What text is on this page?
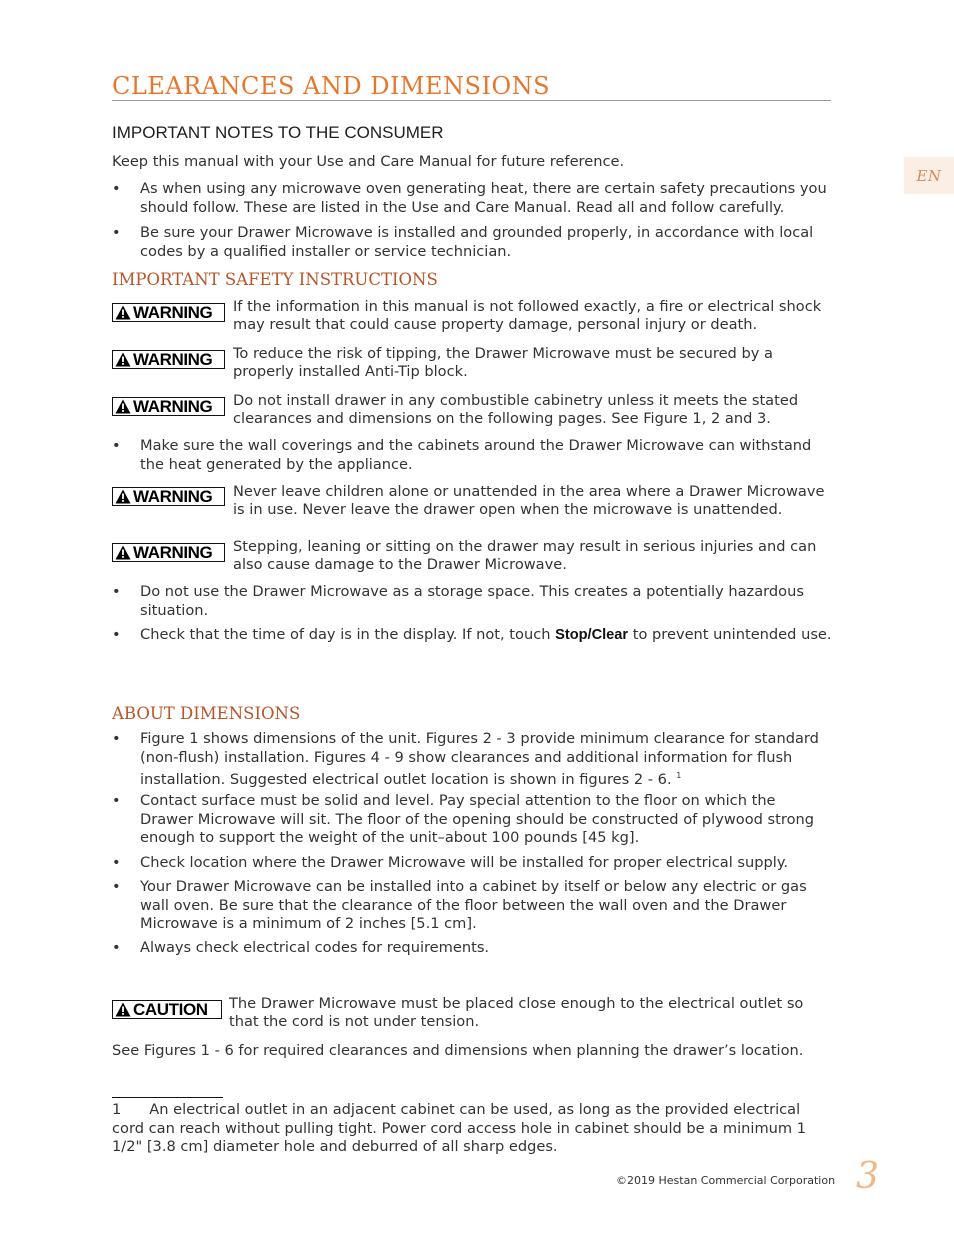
CLEARANCES AND DIMENSIONS
EN
IMPORTANT NOTES TO THE CONSUMER
Keep this manual with your Use and Care Manual for future reference.
•	As when using any microwave oven generating heat, there are certain safety precautions you should follow. These are listed in the Use and Care Manual. Read all and follow carefully.
•	Be sure your Drawer Microwave is installed and grounded properly, in accordance with local codes by a qualified installer or service technician.
IMPORTANT SAFETY INSTRUCTIONS
WARNING If the information in this manual is not followed exactly, a fire or electrical shock may result that could cause property damage, personal injury or death.
WARNING To reduce the risk of tipping, the Drawer Microwave must be secured by a properly installed Anti-Tip block.
WARNING Do not install drawer in any combustible cabinetry unless it meets the stated clearances and dimensions on the following pages. See Figure 1, 2 and 3.
•	Make sure the wall coverings and the cabinets around the Drawer Microwave can withstand the heat generated by the appliance.
WARNING Never leave children alone or unattended in the area where a Drawer Microwave is in use. Never leave the drawer open when the microwave is unattended.
WARNING Stepping, leaning or sitting on the drawer may result in serious injuries and can also cause damage to the Drawer Microwave.
•	Do not use the Drawer Microwave as a storage space. This creates a potentially hazardous situation.
•	Check that the time of day is in the display. If not, touch Stop/Clear to prevent unintended use.
ABOUT DIMENSIONS
•	Figure 1 shows dimensions of the unit. Figures 2 - 3 provide minimum clearance for standard (non-flush) installation. Figures 4 - 9 show clearances and additional information for flush installation. Suggested electrical outlet location is shown in figures 2 - 6. $^1$
•	Contact surface must be solid and level. Pay special attention to the floor on which the Drawer Microwave will sit. The floor of the opening should be constructed of plywood strong enough to support the weight of the unit–about 100 pounds [45 kg].
•	Check location where the Drawer Microwave will be installed for proper electrical supply.
•	Your Drawer Microwave can be installed into a cabinet by itself or below any electric or gas wall oven. Be sure that the clearance of the floor between the wall oven and the Drawer Microwave is a minimum of 2 inches [5.1 cm].
•	Always check electrical codes for requirements.
CAUTION The Drawer Microwave must be placed close enough to the electrical outlet so that the cord is not under tension.
See Figures 1 - 6 for required clearances and dimensions when planning the drawer’s location.
1 An electrical outlet in an adjacent cabinet can be used, as long as the provided electrical cord can reach without pulling tight. Power cord access hole in cabinet should be a minimum 1 1/2" [3.8 cm] diameter hole and deburred of all sharp edges.
©2019 Hestan Commercial Corporation 3
